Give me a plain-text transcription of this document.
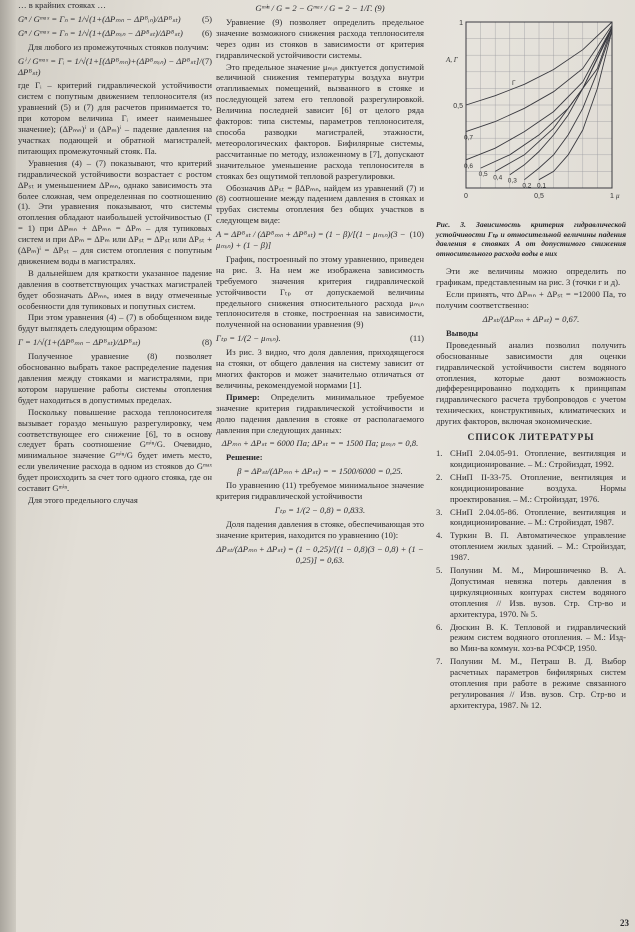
… в крайних стояках …

Gⁿ / Gᵐᵃˣ = Γₙ = 1/√(1+(ΔPₘₙ − ΔPᴮᵢₙ)/ΔPᴮₛₜ) (5)
Gⁿ / Gᵐᵃˣ = Γₙ = 1/√(1+(ΔPₘᵢₙ − ΔPᴮₛₜ)/ΔPᴮₛₜ) (6)

Для любого из промежуточных стояков получим:

Gⁱ / Gᵐᵃˣ = Γᵢ = 1/√(1+[(ΔPᴮₘₙ)+(ΔPᴮₘᵢₙ) − ΔPᴮₛₜ]/ΔPᴮₛₜ)
(7)

где Γᵢ – критерий гидравлической устойчивости систем с попутным движением теплоносителя (из уравнений (5) и (7) для расчетов принимается то, при котором величина Γᵢ имеет наименьшее значение); (ΔPₘₙ)ⁱ и (ΔPₘ)ⁱ – падение давления на участках подающей и обратной магистралей, питающих промежуточный стояк. Па.

Уравнения (4) – (7) показывают, что критерий гидравлической устойчивости возрастает с ростом ΔPₛₜ и уменьшением ΔPₘₙ, однако зависимость эта более сложная, чем определенная по соотношению (1). Эти уравнения показывают, что системы отопления обладают наибольшей устойчивостью (Γ = 1) при ΔPₘₙ + ΔPₘₙ = ΔPₘ – для тупиковых систем и при ΔPₘ = ΔPₘ или ΔPₛₜ = ΔPₛₜ или ΔPₛₜ + (ΔPₘ)ⁱ = ΔPₛₜ – для систем отопления с попутным движением воды в магистралях.

В дальнейшем для краткости указанное падение давления в соответствующих участках магистралей будет обозначать ΔPₘₙ, имея в виду отмеченные особенности для тупиковых и попутных систем.

При этом уравнения (4) – (7) в обобщенном виде будут выглядеть следующим образом:

Γ = 1/√(1+(ΔPᴮₘₙ − ΔPᴮₛₜ)/ΔPᴮₛₜ)	(8)

Полученное уравнение (8) позволяет обоснованно выбрать такое распределение падения давления между стояками и магистралями, при котором нарушение работы системы отопления будет находиться в допустимых пределах.

Поскольку повышение расхода теплоносителя вызывает гораздо меньшую разрегулировку, чем соответствующее его снижение [6], то в основу следует брать соотношение Gᵐⁱⁿ/G. Очевидно, минимальное значение Gᵐⁱⁿ/G будет иметь место, если увеличение расхода в одном из стояков до Gᵐᵃˣ будет происходить за счет того одного стояка, где он составит Gᵐⁱⁿ.

Для этого предельного случая

Gᵐⁱⁿ / G = 2 − Gᵐᵃˣ / G = 2 − 1/Γ. (9)

Уравнение (9) позволяет определить предельное значение возможного снижения расхода теплоносителя через один из стояков в зависимости от критерия гидравлической устойчивости системы.

Это предельное значение μₘᵢₙ диктуется допустимой величиной снижения температуры воздуха внутри отапливаемых помещений, вызванного в стояке и последующей затем его тепловой разрегулировкой. Величина последней зависит [6] от целого ряда факторов: типа системы, параметров теплоносителя, способа разводки магистралей, этажности, метеорологических факторов. Бифилярные системы, рассчитанные по методу, изложенному в [7], допускают значительное уменьшение расхода теплоносителя в стояках без ощутимой тепловой разрегулировки.

Обозначив ΔPₛₜ = βΔPₘₙ, найдем из уравнений (7) и (8) соотношение между падением давления в стояках и трубах системы отопления без общих участков в следующем виде:

A = ΔPᴮₛₜ / (ΔPᴮₘₙ + ΔPᴮₛₜ) = (1 − β)/[(1 − μₘᵢₙ)(3 − μₘᵢₙ) + (1 − β)]
(10)

График, построенный по этому уравнению, приведен на рис. 3. На нем же изображена зависимость требуемого значения критерия гидравлической устойчивости Γₜₚ от допускаемой величины предельного снижения относительного расхода μₘᵢₙ теплоносителя в стояке, построенная на зависимости, полученной на основании уравнения (9)

Γₜₚ = 1/(2 − μₘᵢₙ).	(11)

Из рис. 3 видно, что доля давления, приходящегося на стояки, от общего давления на систему зависит от многих факторов и может значительно отличаться от величины, рекомендуемой нормами [1].

Пример: Определить минимальное требуемое значение критерия гидравлической устойчивости и долю падения давления в стояке от располагаемого давления при следующих данных:

ΔPₘₙ + ΔPₛₜ = 6000 Па; ΔPₛₜ = = 1500 Па; μₘᵢₙ = 0,8.

Решение:

β = ΔPₛₜ/(ΔPₘₙ + ΔPₛₜ) = = 1500/6000 = 0,25.

По уравнению (11) требуемое минимальное значение критерия гидравлической устойчивости

Γₜₚ = 1/(2 − 0,8) = 0,833.

Доля падения давления в стояке, обеспечивающая это значение критерия, находится по уравнению (10):

ΔPₛₜ/(ΔPₘₙ + ΔPₛₜ) = (1 − 0,25)/[(1 − 0,8)(3 − 0,8) + (1 − 0,25)] = 0,63.
Γ
0,1
0,2
0,3
0,4
0,5
0,6
0,7
0,5
1
0	0,5	1 μ
A, Γ
Рис. 3. Зависимость критерия гидравлической устойчивости Γₜₚ и относительной величины падения давления в стояках A от допустимого снижения относительного расхода воды в них

Эти же величины можно определить по графикам, представленным на рис. 3 (точки г и д).

Если принять, что ΔPₘₙ + ΔPₛₜ = =12000 Па, то получим соответственно:

ΔPₛₜ/(ΔPₘₙ + ΔPₛₜ) = 0,67.

Выводы

Проведенный анализ позволил получить обоснованные зависимости для оценки гидравлической устойчивости систем водяного отопления, которые дают возможность дифференцированно подходить к принципам гидравлического расчета трубопроводов с учетом технических, конструктивных, климатических и других факторов, включая экономические.

СПИСОК ЛИТЕРАТУРЫ
1. СНиП 2.04.05-91. Отопление, вентиляция и кондиционирование. – М.: Стройиздат, 1992.
2. СНиП II-33-75. Отопление, вентиляция и кондиционирование воздуха. Нормы проектирования. – М.: Стройиздат, 1976.
3. СНиП 2.04.05-86. Отопление, вентиляция и кондиционирование. – М.: Стройиздат, 1987.
4. Туркин В. П. Автоматическое управление отоплением жилых зданий. – М.: Стройиздат, 1987.
5. Полунин М. М., Мирошниченко В. А. Допустимая невязка потерь давления в циркуляционных контурах систем водяного отопления // Изв. вузов. Стр. Стр-во и архитектура, 1970. № 5.
6. Дюскин В. К. Тепловой и гидравлический режим систем водяного отопления. – М.: Изд-во Мин-ва коммун. хоз-ва РСФСР, 1950.
7. Полунин М. М., Петраш В. Д. Выбор расчетных параметров бифилярных систем отопления при работе в режиме связанного регулирования // Изв. вузов. Стр. Стр-во и архитектура, 1987. № 12.
23
